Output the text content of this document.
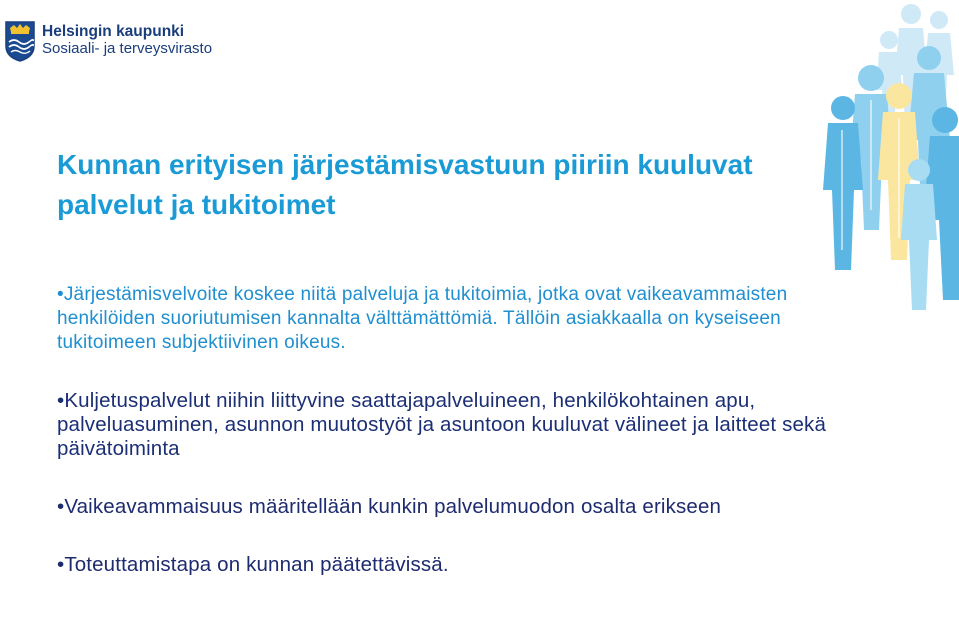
Helsingin kaupunki
Sosiaali- ja terveysvirasto
Kunnan erityisen järjestämisvastuun piiriin kuuluvat palvelut ja tukitoimet
•Järjestämisvelvoite koskee niitä palveluja ja tukitoimia, jotka ovat vaikeavammaisten henkilöiden suoriutumisen kannalta välttämättömiä. Tällöin asiakkaalla on kyseiseen tukitoimeen subjektiivinen oikeus.
•Kuljetuspalvelut niihin liittyvine saattajapalveluineen, henkilökohtainen apu, palveluasuminen, asunnon muutostyöt ja asuntoon kuuluvat välineet ja laitteet sekä päivätoiminta
•Vaikeavammaisuus määritellään kunkin palvelumuodon osalta erikseen
•Toteuttamistapa on kunnan päätettävissä.
